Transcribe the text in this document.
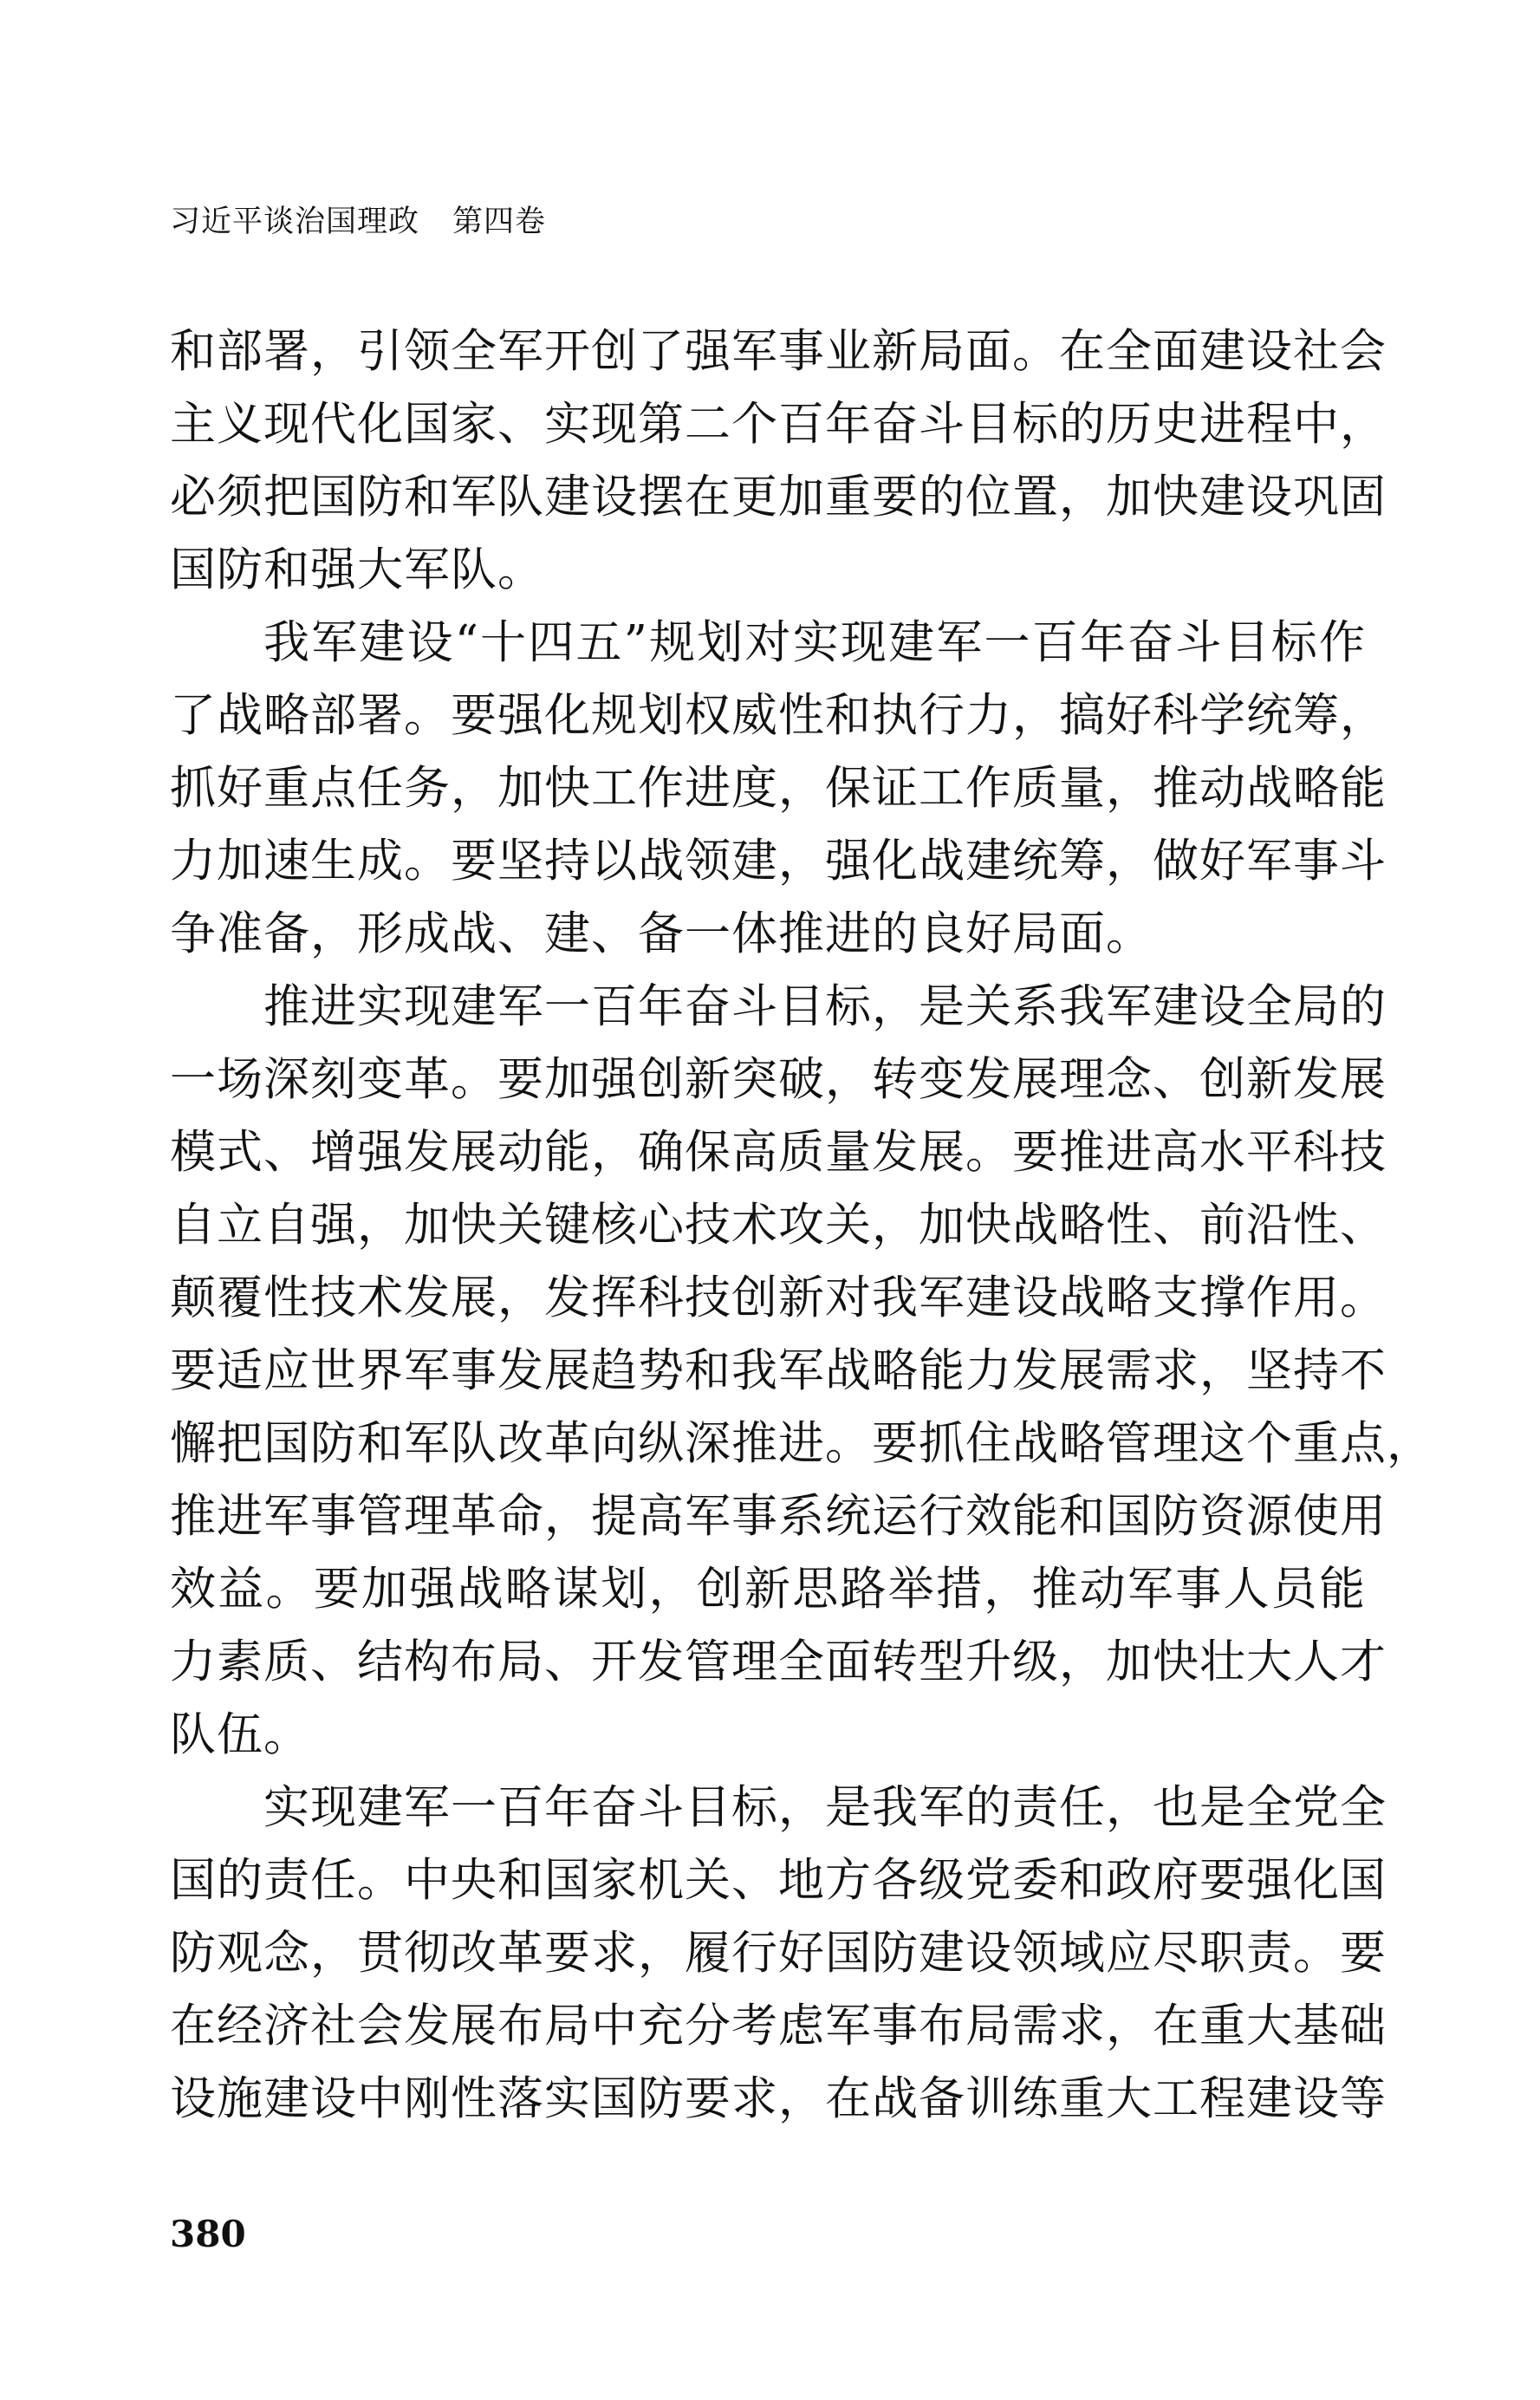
习近平谈治国理政 第四卷
和部署，引领全军开创了强军事业新局面。在全面建设社会
主义现代化国家、实现第二个百年奋斗目标的历史进程中，
必须把国防和军队建设摆在更加重要的位置，加快建设巩固
国防和强大军队。
我军建设“十四五”规划对实现建军一百年奋斗目标作
了战略部署。要强化规划权威性和执行力，搞好科学统筹，
抓好重点任务，加快工作进度，保证工作质量，推动战略能
力加速生成。要坚持以战领建，强化战建统筹，做好军事斗
争准备，形成战、建、备一体推进的良好局面。
推进实现建军一百年奋斗目标，是关系我军建设全局的
一场深刻变革。要加强创新突破，转变发展理念、创新发展
模式、增强发展动能，确保高质量发展。要推进高水平科技
自立自强，加快关键核心技术攻关，加快战略性、前沿性、
颠覆性技术发展，发挥科技创新对我军建设战略支撑作用。
要适应世界军事发展趋势和我军战略能力发展需求，坚持不
懈把国防和军队改革向纵深推进。要抓住战略管理这个重点，
推进军事管理革命，提高军事系统运行效能和国防资源使用
效益。要加强战略谋划，创新思路举措，推动军事人员能
力素质、结构布局、开发管理全面转型升级，加快壮大人才
队伍。
实现建军一百年奋斗目标，是我军的责任，也是全党全
国的责任。中央和国家机关、地方各级党委和政府要强化国
防观念，贯彻改革要求，履行好国防建设领域应尽职责。要
在经济社会发展布局中充分考虑军事布局需求，在重大基础
设施建设中刚性落实国防要求，在战备训练重大工程建设等
380
